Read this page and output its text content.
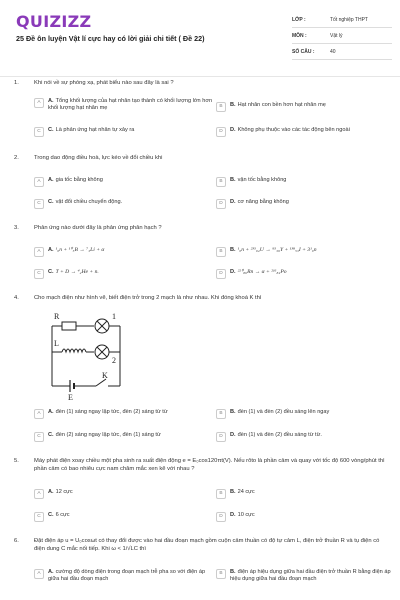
QUIZIZZ
25 Đề ôn luyện Vật lí cực hay có lời giải chi tiết ( Đề 22)
LỚP :	Tốt nghiệp THPT
MÔN :	Vật lý
SỐ CÂU :	40
1.	Khi nói về sự phóng xạ, phát biểu nào sau đây là sai ?
A	A. Tổng khối lượng của hạt nhân tạo thành có khối lượng lớn hơn khối lượng hạt nhân mẹ	B	B. Hạt nhân con bền hơn hạt nhân mẹ
C	C. Là phản ứng hạt nhân tự xảy ra	D	D. Không phụ thuộc vào các tác động bên ngoài
2.	Trong dao động điều hoà, lực kéo về đổi chiều khi
A	A. gia tốc bằng không	B	B. vận tốc bằng không
C	C. vật đổi chiều chuyển động.	D	D. cơ năng bằng không
3.	Phản ứng nào dưới đây là phản ứng phân hạch ?
A	A. ¹₀n + ¹⁰₅B → ⁷₃Li + α	B	B. ¹₀n + ²³⁵₉₂U → ⁹⁵₃₉Y + ¹³⁸₅₃I + 3¹₀n
C	C. T + D → ⁴₂He + n.	D	D. ²²⁰₈₆Rn → α + ²¹⁶₈₄Po
4.	Cho mạch điện như hình vẽ, biết điện trở trong 2 mạch là như nhau. Khi đóng khoá K thì
R
L
E
K
1
2
A	A. đèn (1) sáng ngay lập tức, đèn (2) sáng từ từ	B	B. đèn (1) và đèn (2) đều sáng lên ngay
C	C. đèn (2) sáng ngay lập tức, đèn (1) sáng từ	D	D. đèn (1) và đèn (2) đều sáng từ từ.
5.	Máy phát điện xoay chiều một pha sinh ra suất điện động e = E₀cos120πt(V). Nếu rôto là phần cảm và quay với tốc độ 600 vòng/phút thì phần cảm có bao nhiêu cực nam châm mắc xen kẽ với nhau ?
A	A. 12 cực	B	B. 24 cực
C	C. 6 cực	D	D. 10 cực
6.	Đặt điện áp u = U₀cosωt có thay đổi được vào hai đầu đoạn mạch gồm cuộn cảm thuần có độ tự cảm L, điện trở thuần R và tụ điện có điện dung C mắc nối tiếp. Khi ω < 1/√LC thì
A	A. cường độ dòng điện trong đoạn mạch trễ pha so với điện áp giữa hai đầu đoạn mạch
B	B. điện áp hiệu dụng giữa hai đầu điện trở thuần R bằng điện áp hiệu dụng giữa hai đầu đoạn mạch
